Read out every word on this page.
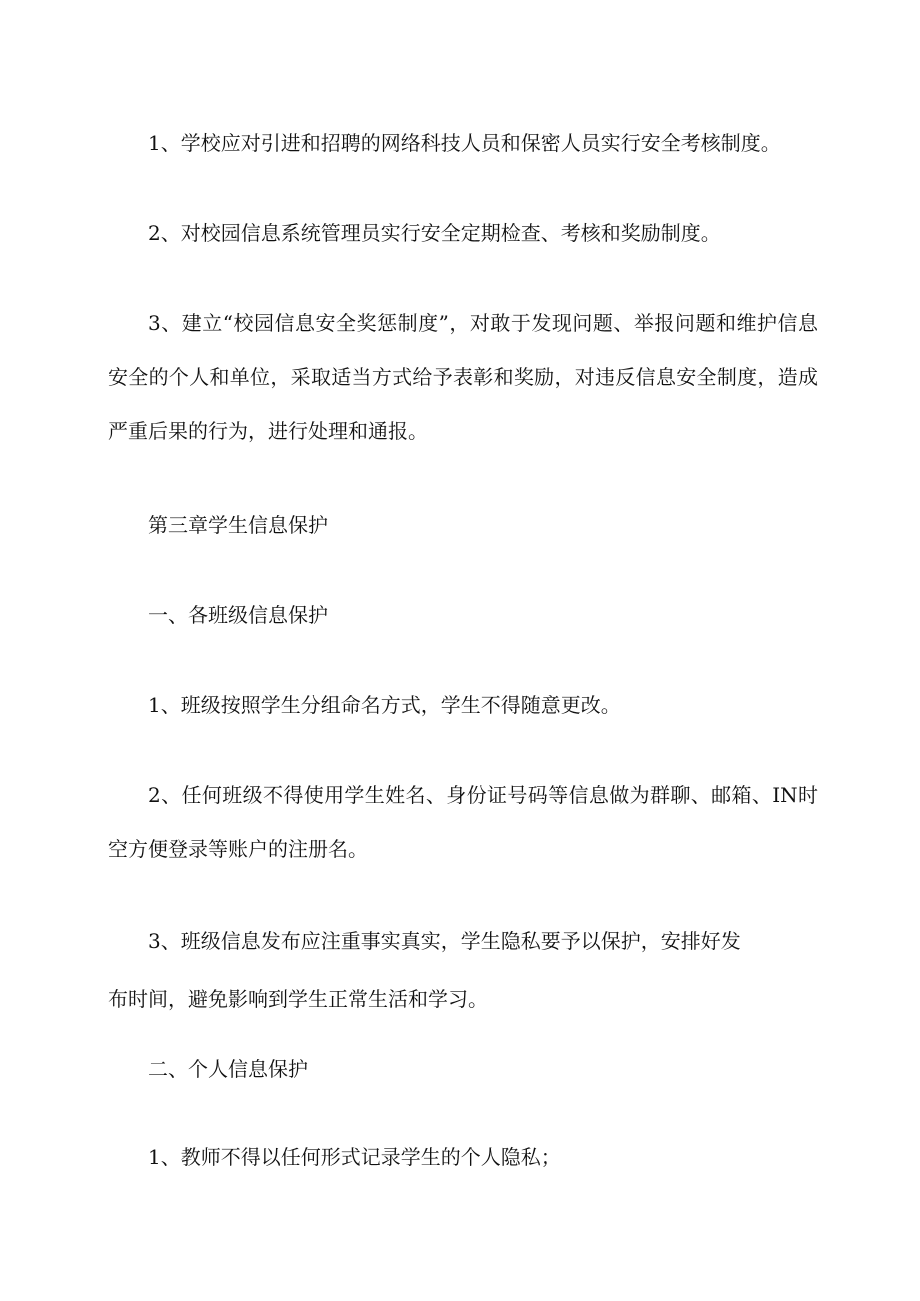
1、学校应对引进和招聘的网络科技人员和保密人员实行安全考核制度。

2、对校园信息系统管理员实行安全定期检查、考核和奖励制度。

3、建立“校园信息安全奖惩制度”，对敢于发现问题、举报问题和维护信息安全的个人和单位，采取适当方式给予表彰和奖励，对违反信息安全制度，造成严重后果的行为，进行处理和通报。

第三章学生信息保护

一、各班级信息保护

1、班级按照学生分组命名方式，学生不得随意更改。

2、任何班级不得使用学生姓名、身份证号码等信息做为群聊、邮箱、IN时空方便登录等账户的注册名。

3、班级信息发布应注重事实真实，学生隐私要予以保护，安排好发

布时间，避免影响到学生正常生活和学习。

二、个人信息保护

1、教师不得以任何形式记录学生的个人隐私；
